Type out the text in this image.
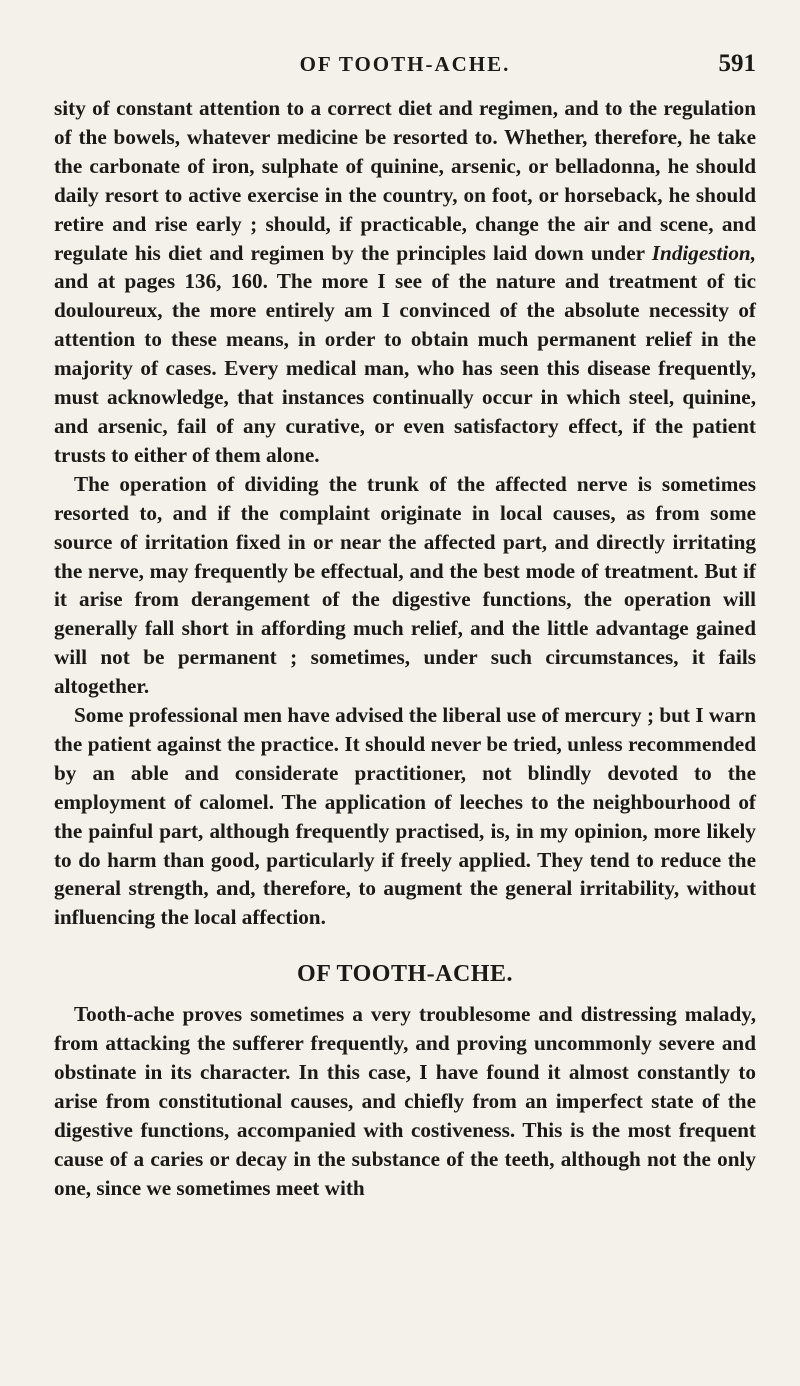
OF TOOTH-ACHE.	591

sity of constant attention to a correct diet and regimen, and to the regulation of the bowels, whatever medicine be resorted to. Whether, therefore, he take the carbonate of iron, sulphate of quinine, arsenic, or belladonna, he should daily resort to active exercise in the country, on foot, or horseback, he should retire and rise early ; should, if practicable, change the air and scene, and regulate his diet and regimen by the principles laid down under Indigestion, and at pages 136, 160. The more I see of the nature and treatment of tic douloureux, the more entirely am I convinced of the absolute necessity of attention to these means, in order to obtain much permanent relief in the majority of cases. Every medical man, who has seen this disease frequently, must acknowledge, that instances continually occur in which steel, quinine, and arsenic, fail of any curative, or even satisfactory effect, if the patient trusts to either of them alone.

The operation of dividing the trunk of the affected nerve is sometimes resorted to, and if the complaint originate in local causes, as from some source of irritation fixed in or near the affected part, and directly irritating the nerve, may frequently be effectual, and the best mode of treatment. But if it arise from derangement of the digestive functions, the operation will generally fall short in affording much relief, and the little advantage gained will not be permanent ; sometimes, under such circumstances, it fails altogether.

Some professional men have advised the liberal use of mercury ; but I warn the patient against the practice. It should never be tried, unless recommended by an able and considerate practitioner, not blindly devoted to the employment of calomel. The application of leeches to the neighbourhood of the painful part, although frequently practised, is, in my opinion, more likely to do harm than good, particularly if freely applied. They tend to reduce the general strength, and, therefore, to augment the general irritability, without influencing the local affection.

OF TOOTH-ACHE.

Tooth-ache proves sometimes a very troublesome and distressing malady, from attacking the sufferer frequently, and proving uncommonly severe and obstinate in its character. In this case, I have found it almost constantly to arise from constitutional causes, and chiefly from an imperfect state of the digestive functions, accompanied with costiveness. This is the most frequent cause of a caries or decay in the substance of the teeth, although not the only one, since we sometimes meet with
